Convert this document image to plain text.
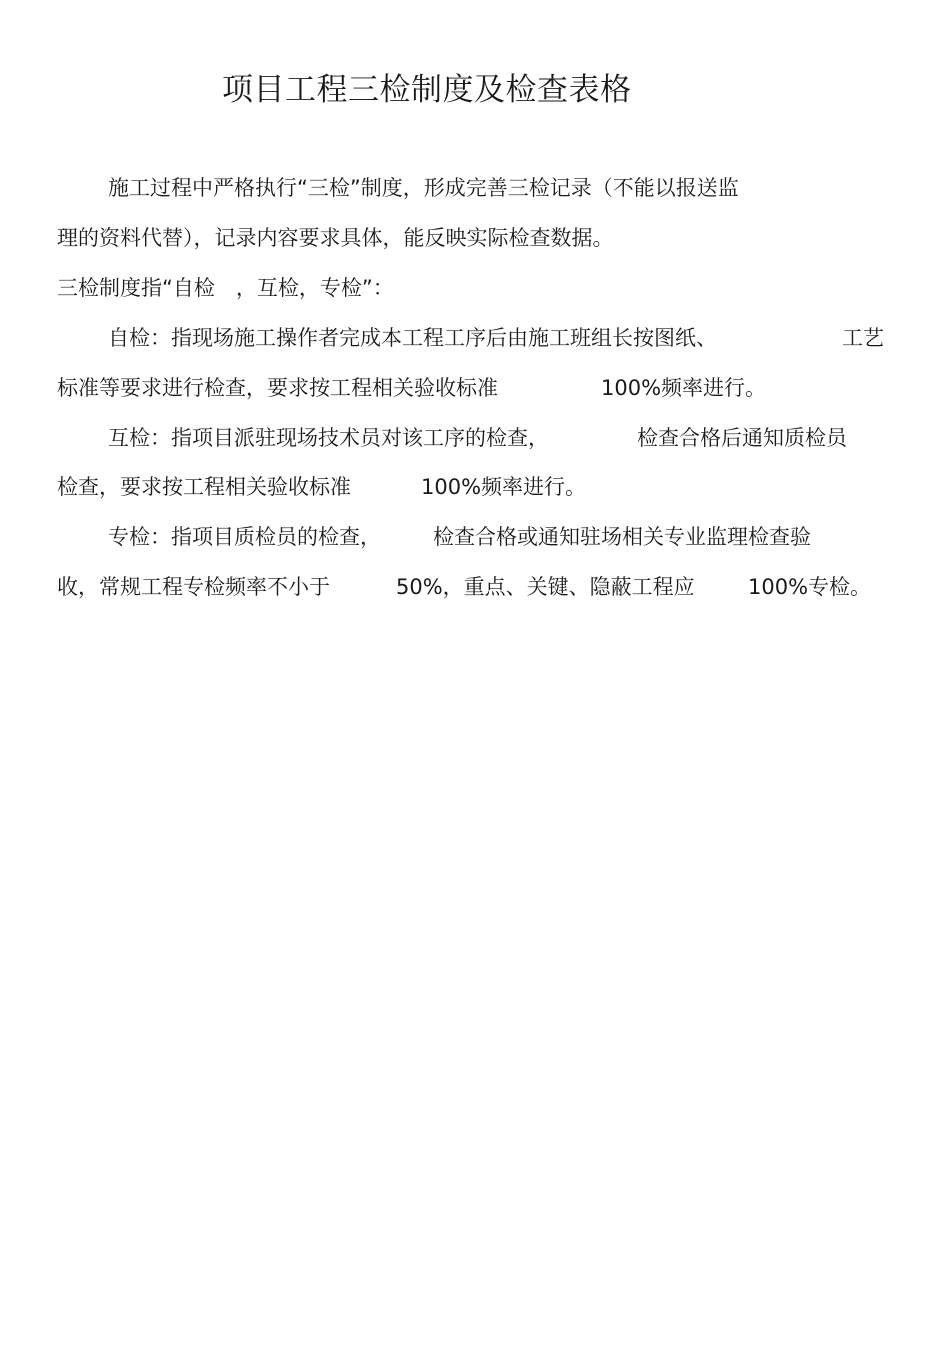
项目工程三检制度及检查表格
施工过程中严格执行“三检”制度，形成完善三检记录（不能以报送监
理的资料代替），记录内容要求具体，能反映实际检查数据。
三检制度指“自检　，互检，专检”：
自检：指现场施工操作者完成本工程工序后由施工班组长按图纸、	工艺
标准等要求进行检查，要求按工程相关验收标准	100%频率进行。
互检：指项目派驻现场技术员对该工序的检查，	检查合格后通知质检员
检查，要求按工程相关验收标准	100%频率进行。
专检：指项目质检员的检查， 检查合格或通知驻场相关专业监理检查验
收，常规工程专检频率不小于	50%，重点、关键、隐蔽工程应	100%专检。
